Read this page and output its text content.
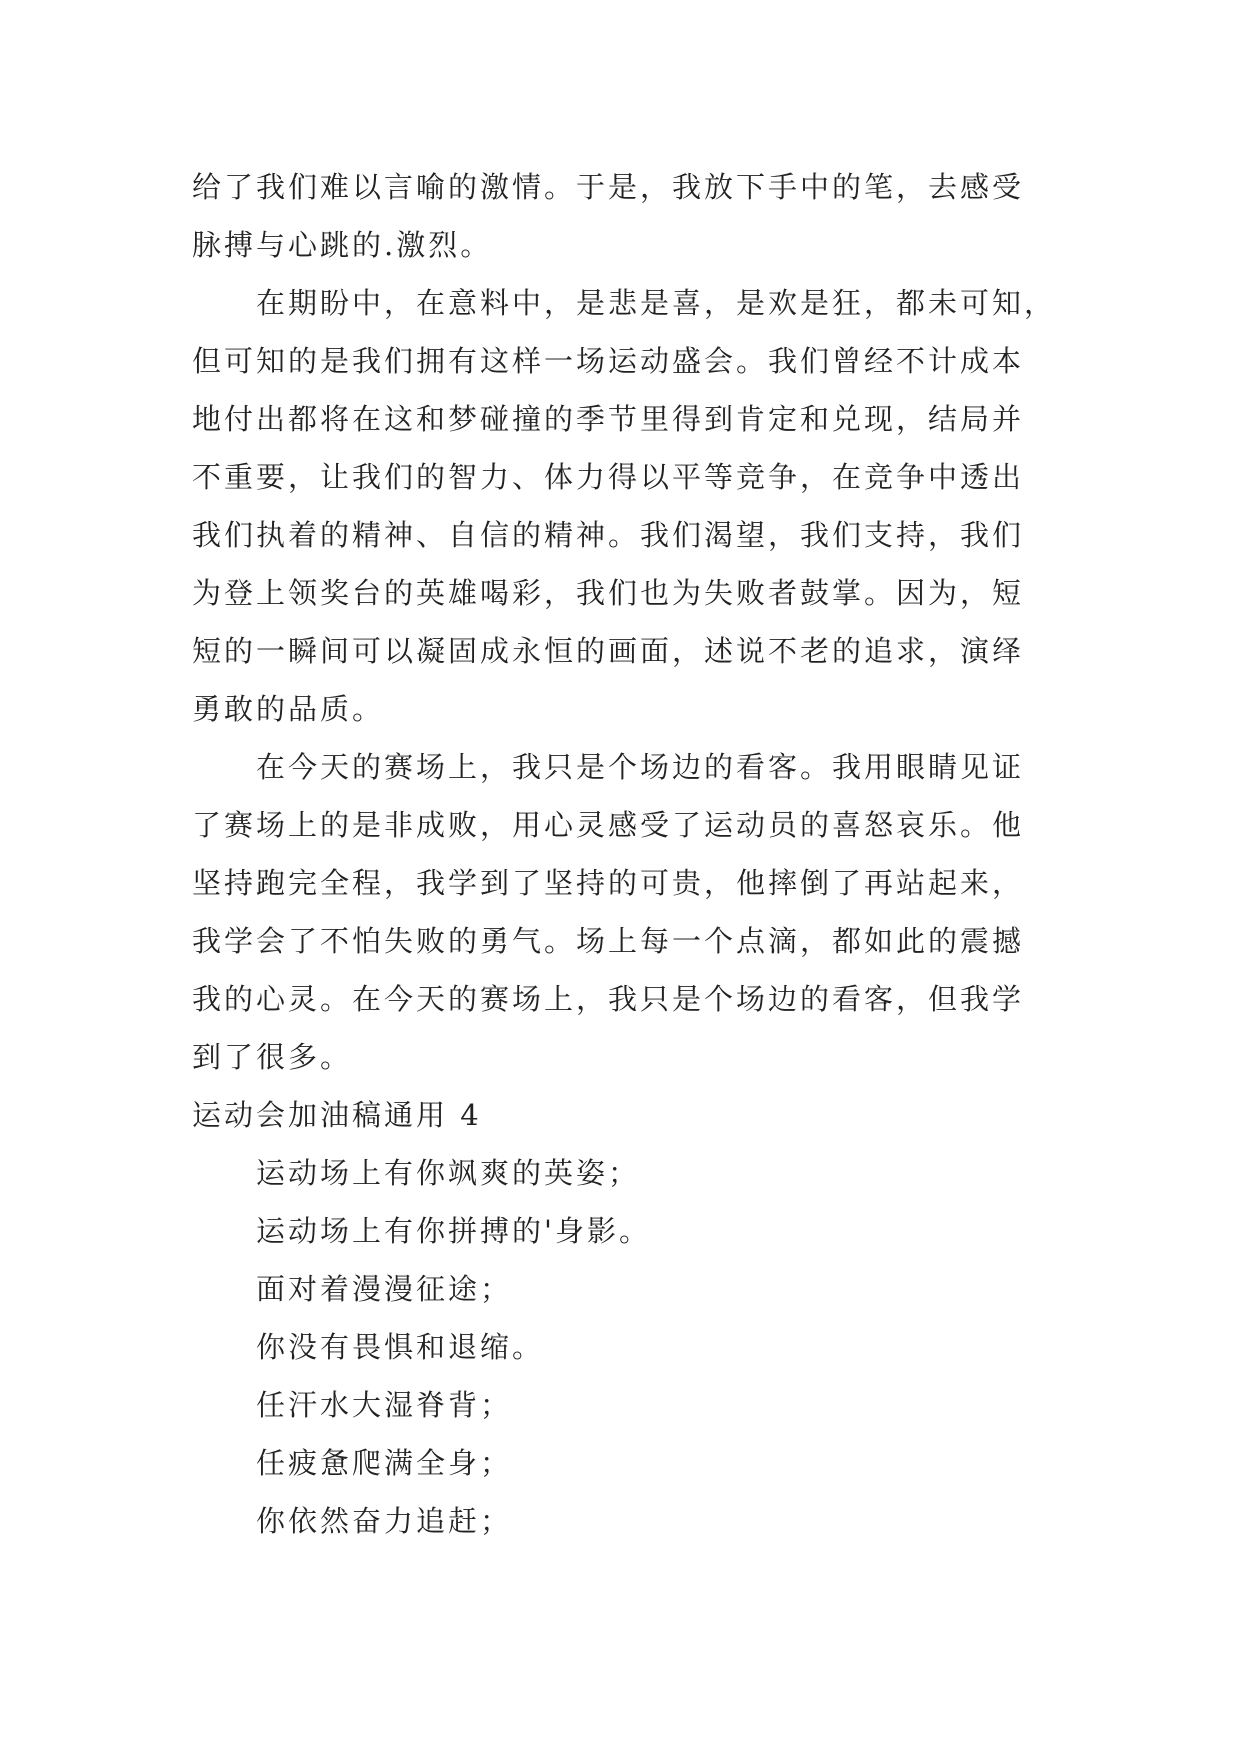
给了我们难以言喻的激情。于是，我放下手中的笔，去感受
脉搏与心跳的.激烈。
在期盼中，在意料中，是悲是喜，是欢是狂，都未可知，
但可知的是我们拥有这样一场运动盛会。我们曾经不计成本
地付出都将在这和梦碰撞的季节里得到肯定和兑现，结局并
不重要，让我们的智力、体力得以平等竞争，在竞争中透出
我们执着的精神、自信的精神。我们渴望，我们支持，我们
为登上领奖台的英雄喝彩，我们也为失败者鼓掌。因为，短
短的一瞬间可以凝固成永恒的画面，述说不老的追求，演绎
勇敢的品质。
在今天的赛场上，我只是个场边的看客。我用眼睛见证
了赛场上的是非成败，用心灵感受了运动员的喜怒哀乐。他
坚持跑完全程，我学到了坚持的可贵，他摔倒了再站起来，
我学会了不怕失败的勇气。场上每一个点滴，都如此的震撼
我的心灵。在今天的赛场上，我只是个场边的看客，但我学
到了很多。
运动会加油稿通用 4
运动场上有你飒爽的英姿；
运动场上有你拼搏的'身影。
面对着漫漫征途；
你没有畏惧和退缩。
任汗水大湿脊背；
任疲惫爬满全身；
你依然奋力追赶；
